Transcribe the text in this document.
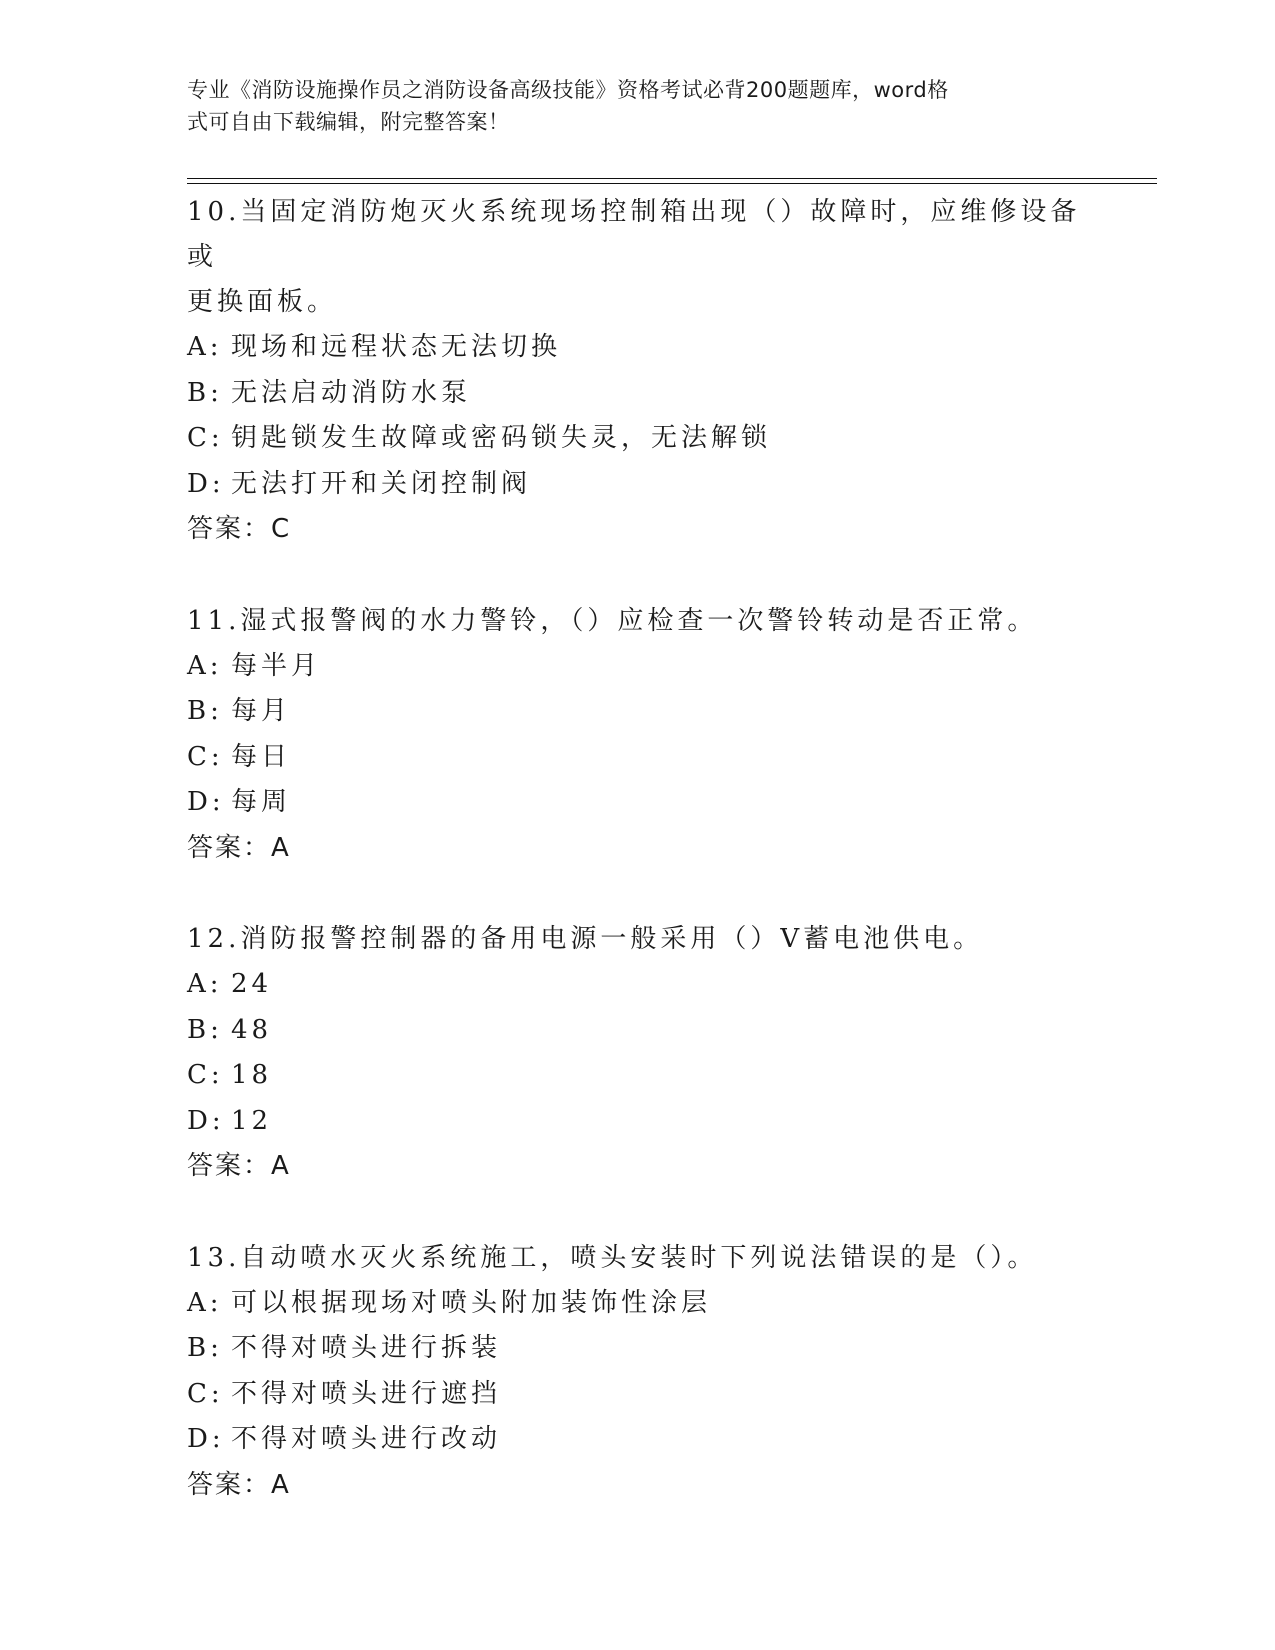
专业《消防设施操作员之消防设备高级技能》资格考试必背200题题库，word格
式可自由下载编辑，附完整答案！

10.当固定消防炮灭火系统现场控制箱出现（）故障时，应维修设备或
更换面板。

A: 现场和远程状态无法切换

B: 无法启动消防水泵

C: 钥匙锁发生故障或密码锁失灵，无法解锁

D: 无法打开和关闭控制阀

答案：C

11.湿式报警阀的水力警铃，（）应检查一次警铃转动是否正常。

A: 每半月

B: 每月

C: 每日

D: 每周

答案：A

12.消防报警控制器的备用电源一般采用（）V蓄电池供电。

A: 24

B: 48

C: 18

D: 12

答案：A

13.自动喷水灭火系统施工，喷头安装时下列说法错误的是（）。

A: 可以根据现场对喷头附加装饰性涂层

B: 不得对喷头进行拆装

C: 不得对喷头进行遮挡

D: 不得对喷头进行改动

答案：A
